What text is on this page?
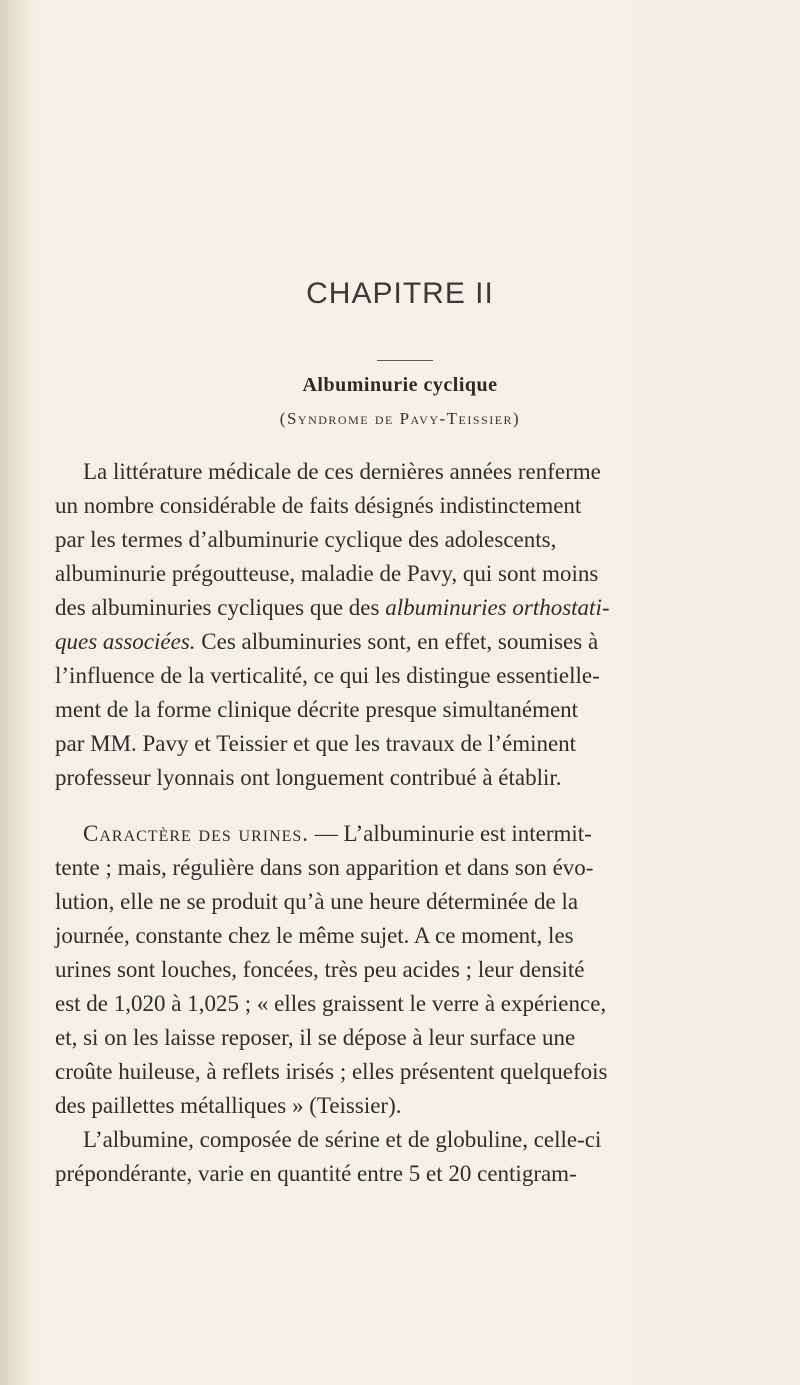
CHAPITRE II
Albuminurie cyclique
(Syndrome de Pavy-Teissier)
La littérature médicale de ces dernières années renferme
un nombre considérable de faits désignés indistinctement
par les termes d’albuminurie cyclique des adolescents,
albuminurie prégoutteuse, maladie de Pavy, qui sont moins
des albuminuries cycliques que des albuminuries orthostati-
ques associées. Ces albuminuries sont, en effet, soumises à
l’influence de la verticalité, ce qui les distingue essentielle-
ment de la forme clinique décrite presque simultanément
par MM. Pavy et Teissier et que les travaux de l’éminent
professeur lyonnais ont longuement contribué à établir.
Caractère des urines. — L’albuminurie est intermit-
tente ; mais, régulière dans son apparition et dans son évo-
lution, elle ne se produit qu’à une heure déterminée de la
journée, constante chez le même sujet. A ce moment, les
urines sont louches, foncées, très peu acides ; leur densité
est de 1,020 à 1,025 ; « elles graissent le verre à expérience,
et, si on les laisse reposer, il se dépose à leur surface une
croûte huileuse, à reflets irisés ; elles présentent quelquefois
des paillettes métalliques » (Teissier).
L’albumine, composée de sérine et de globuline, celle-ci
prépondérante, varie en quantité entre 5 et 20 centigram-
